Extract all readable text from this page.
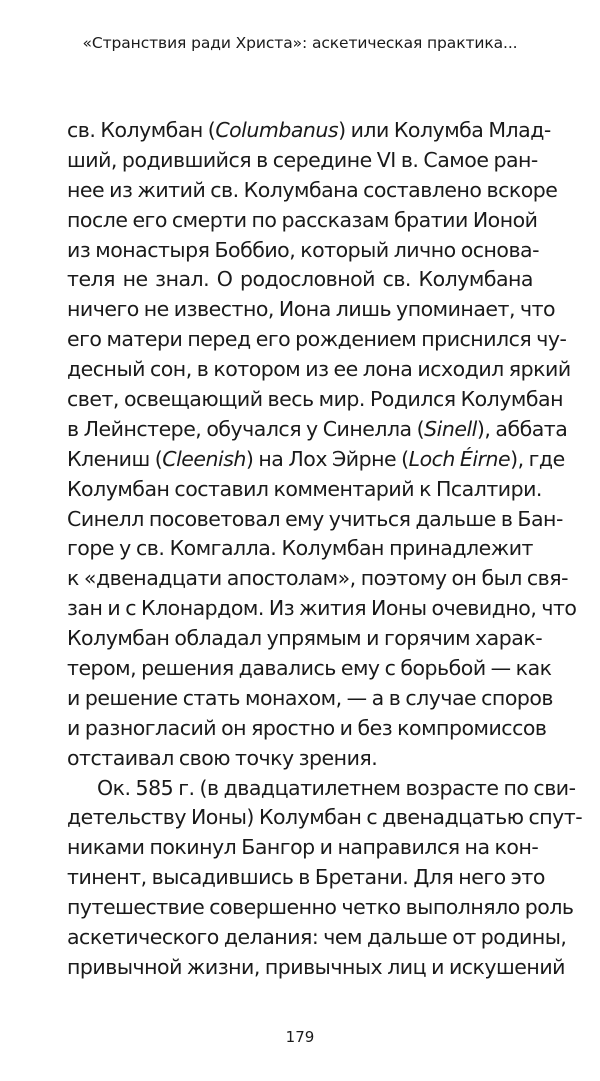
«Странствия ради Христа»: аскетическая практика...
св. Колумбан (Columbanus) или Колумба Млад-
ший, родившийся в середине VI в. Самое ран-
нее из житий св. Колумбана составлено вскоре
после его смерти по рассказам братии Ионой
из монастыря Боббио, который лично основа-
теля не знал. О родословной св. Колумбана
ничего не известно, Иона лишь упоминает, что
его матери перед его рождением приснился чу-
десный сон, в котором из ее лона исходил яркий
свет, освещающий весь мир. Родился Колумбан
в Лейнстере, обучался у Синелла (Sinell), аббата
Клениш (Cleenish) на Лох Эйрне (Loch Éirne), где
Колумбан составил комментарий к Псалтири.
Синелл посоветовал ему учиться дальше в Бан-
горе у св. Комгалла. Колумбан принадлежит
к «двенадцати апостолам», поэтому он был свя-
зан и с Клонардом. Из жития Ионы очевидно, что
Колумбан обладал упрямым и горячим харак-
тером, решения давались ему с борьбой — как
и решение стать монахом, — а в случае споров
и разногласий он яростно и без компромиссов
отстаивал свою точку зрения.
Ок. 585 г. (в двадцатилетнем возрасте по сви-
детельству Ионы) Колумбан с двенадцатью спут-
никами покинул Бангор и направился на кон-
тинент, высадившись в Бретани. Для него это
путешествие совершенно четко выполняло роль
аскетического делания: чем дальше от родины,
привычной жизни, привычных лиц и искушений
179
